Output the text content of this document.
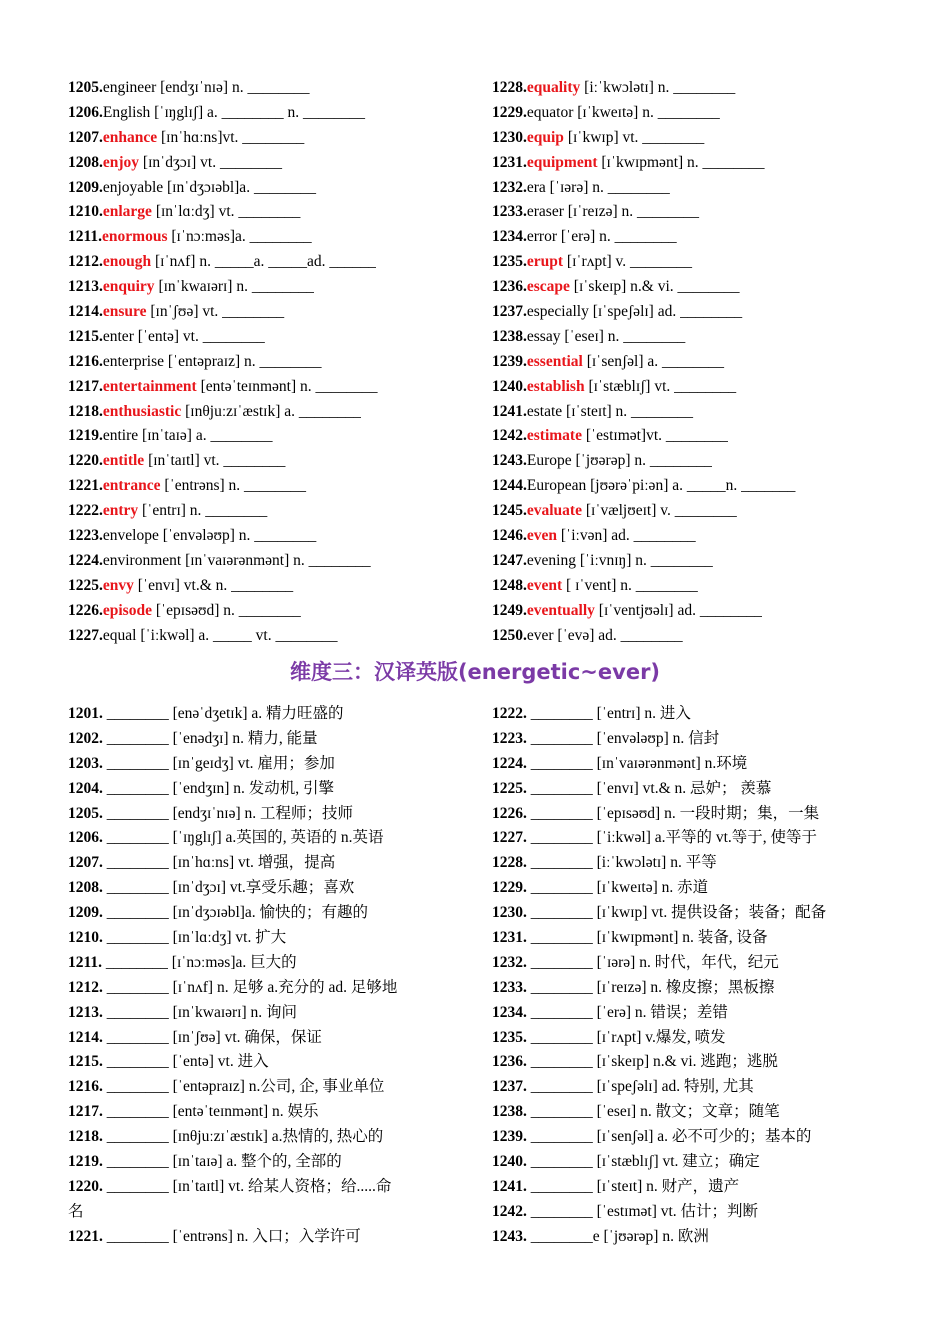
1205.engineer [endʒɪˈnɪə] n. ________
1206.English [ˈɪŋglɪʃ] a. ________ n. ________
1207.enhance [ɪnˈhɑːns]vt. ________
1208.enjoy [ɪnˈdʒɔɪ] vt. ________
1209.enjoyable [ɪnˈdʒɔɪəbl]a. ________
1210.enlarge [ɪnˈlɑːdʒ] vt. ________
1211.enormous [ɪˈnɔːməs]a. ________
1212.enough [ɪˈnʌf] n. _____a. _____ad. ______
1213.enquiry [ɪnˈkwaɪərɪ] n. ________
1214.ensure [ɪnˈʃʊə] vt. ________
1215.enter [ˈentə] vt. ________
1216.enterprise [ˈentəpraɪz] n. ________
1217.entertainment [entəˈteɪnmənt] n. ________
1218.enthusiastic [ɪnθjuːzɪˈæstɪk] a. ________
1219.entire [ɪnˈtaɪə] a. ________
1220.entitle [ɪnˈtaɪtl] vt. ________
1221.entrance [ˈentrəns] n. ________
1222.entry [ˈentrɪ] n. ________
1223.envelope [ˈenvələʊp] n. ________
1224.environment [ɪnˈvaɪərənmənt] n. ________
1225.envy [ˈenvɪ] vt.& n. ________
1226.episode [ˈepɪsəʊd] n. ________
1227.equal [ˈiːkwəl] a. _____ vt. ________
1228.equality [iːˈkwɔlətɪ] n. ________
1229.equator [ɪˈkweɪtə] n. ________
1230.equip [ɪˈkwɪp] vt. ________
1231.equipment [ɪˈkwɪpmənt] n. ________
1232.era [ˈɪərə] n. ________
1233.eraser [ɪˈreɪzə] n. ________
1234.error [ˈerə] n. ________
1235.erupt [ɪˈrʌpt] v. ________
1236.escape [ɪˈskeɪp] n.& vi. ________
1237.especially [ɪˈspeʃəlɪ] ad. ________
1238.essay [ˈeseɪ] n. ________
1239.essential [ɪˈsenʃəl] a. ________
1240.establish [ɪˈstæblɪʃ] vt. ________
1241.estate [ɪˈsteɪt] n. ________
1242.estimate [ˈestɪmət]vt. ________
1243.Europe [ˈjʊərəp] n. ________
1244.European [jʊərəˈpiːən] a. _____n. _______
1245.evaluate [ɪˈvæljʊeɪt] v. ________
1246.even [ˈiːvən] ad. ________
1247.evening [ˈiːvnɪŋ] n. ________
1248.event [ ɪˈvent] n. ________
1249.eventually [ɪˈventjʊəlɪ] ad. ________
1250.ever [ˈevə] ad. ________
维度三：汉译英版(energetic~ever)
1201. ________ [enəˈdʒetɪk] a. 精力旺盛的
1202. ________ [ˈenədʒɪ] n. 精力, 能量
1203. ________ [ɪnˈgeɪdʒ] vt. 雇用；参加
1204. ________ [ˈendʒɪn] n. 发动机, 引擎
1205. ________ [endʒɪˈnɪə] n. 工程师；技师
1206. ________ [ˈɪŋglɪʃ] a.英国的, 英语的 n.英语
1207. ________ [ɪnˈhɑːns] vt. 增强，提高
1208. ________ [ɪnˈdʒɔɪ] vt.享受乐趣；喜欢
1209. ________ [ɪnˈdʒɔɪəbl]a. 愉快的；有趣的
1210. ________ [ɪnˈlɑːdʒ] vt. 扩大
1211. ________ [ɪˈnɔːməs]a. 巨大的
1212. ________ [ɪˈnʌf] n. 足够 a.充分的 ad. 足够地
1213. ________ [ɪnˈkwaɪərɪ] n. 询问
1214. ________ [ɪnˈʃʊə] vt. 确保，保证
1215. ________ [ˈentə] vt. 进入
1216. ________ [ˈentəpraɪz] n.公司, 企, 事业单位
1217. ________ [entəˈteɪnmənt] n. 娱乐
1218. ________ [ɪnθjuːzɪˈæstɪk] a.热情的, 热心的
1219. ________ [ɪnˈtaɪə] a. 整个的, 全部的
1220. ________ [ɪnˈtaɪtl] vt. 给某人资格；给.....命
名
1221. ________ [ˈentrəns] n. 入口；入学许可
1222. ________ [ˈentrɪ] n. 进入
1223. ________ [ˈenvələʊp] n. 信封
1224. ________ [ɪnˈvaɪərənmənt] n.环境
1225. ________ [ˈenvɪ] vt.& n. 忌妒； 羡慕
1226. ________ [ˈepɪsəʊd] n. 一段时期；集，一集
1227. ________ [ˈiːkwəl] a.平等的 vt.等于, 使等于
1228. ________ [iːˈkwɔlətɪ] n. 平等
1229. ________ [ɪˈkweɪtə] n. 赤道
1230. ________ [ɪˈkwɪp] vt. 提供设备；装备；配备
1231. ________ [ɪˈkwɪpmənt] n. 装备, 设备
1232. ________ [ˈɪərə] n. 时代，年代，纪元
1233. ________ [ɪˈreɪzə] n. 橡皮擦；黑板擦
1234. ________ [ˈerə] n. 错误；差错
1235. ________ [ɪˈrʌpt] v.爆发, 喷发
1236. ________ [ɪˈskeɪp] n.& vi. 逃跑；逃脱
1237. ________ [ɪˈspeʃəlɪ] ad. 特别, 尤其
1238. ________ [ˈeseɪ] n. 散文；文章；随笔
1239. ________ [ɪˈsenʃəl] a. 必不可少的；基本的
1240. ________ [ɪˈstæblɪʃ] vt. 建立；确定
1241. ________ [ɪˈsteɪt] n. 财产，遗产
1242. ________ [ˈestɪmət] vt. 估计；判断
1243. ________e [ˈjʊərəp] n. 欧洲
